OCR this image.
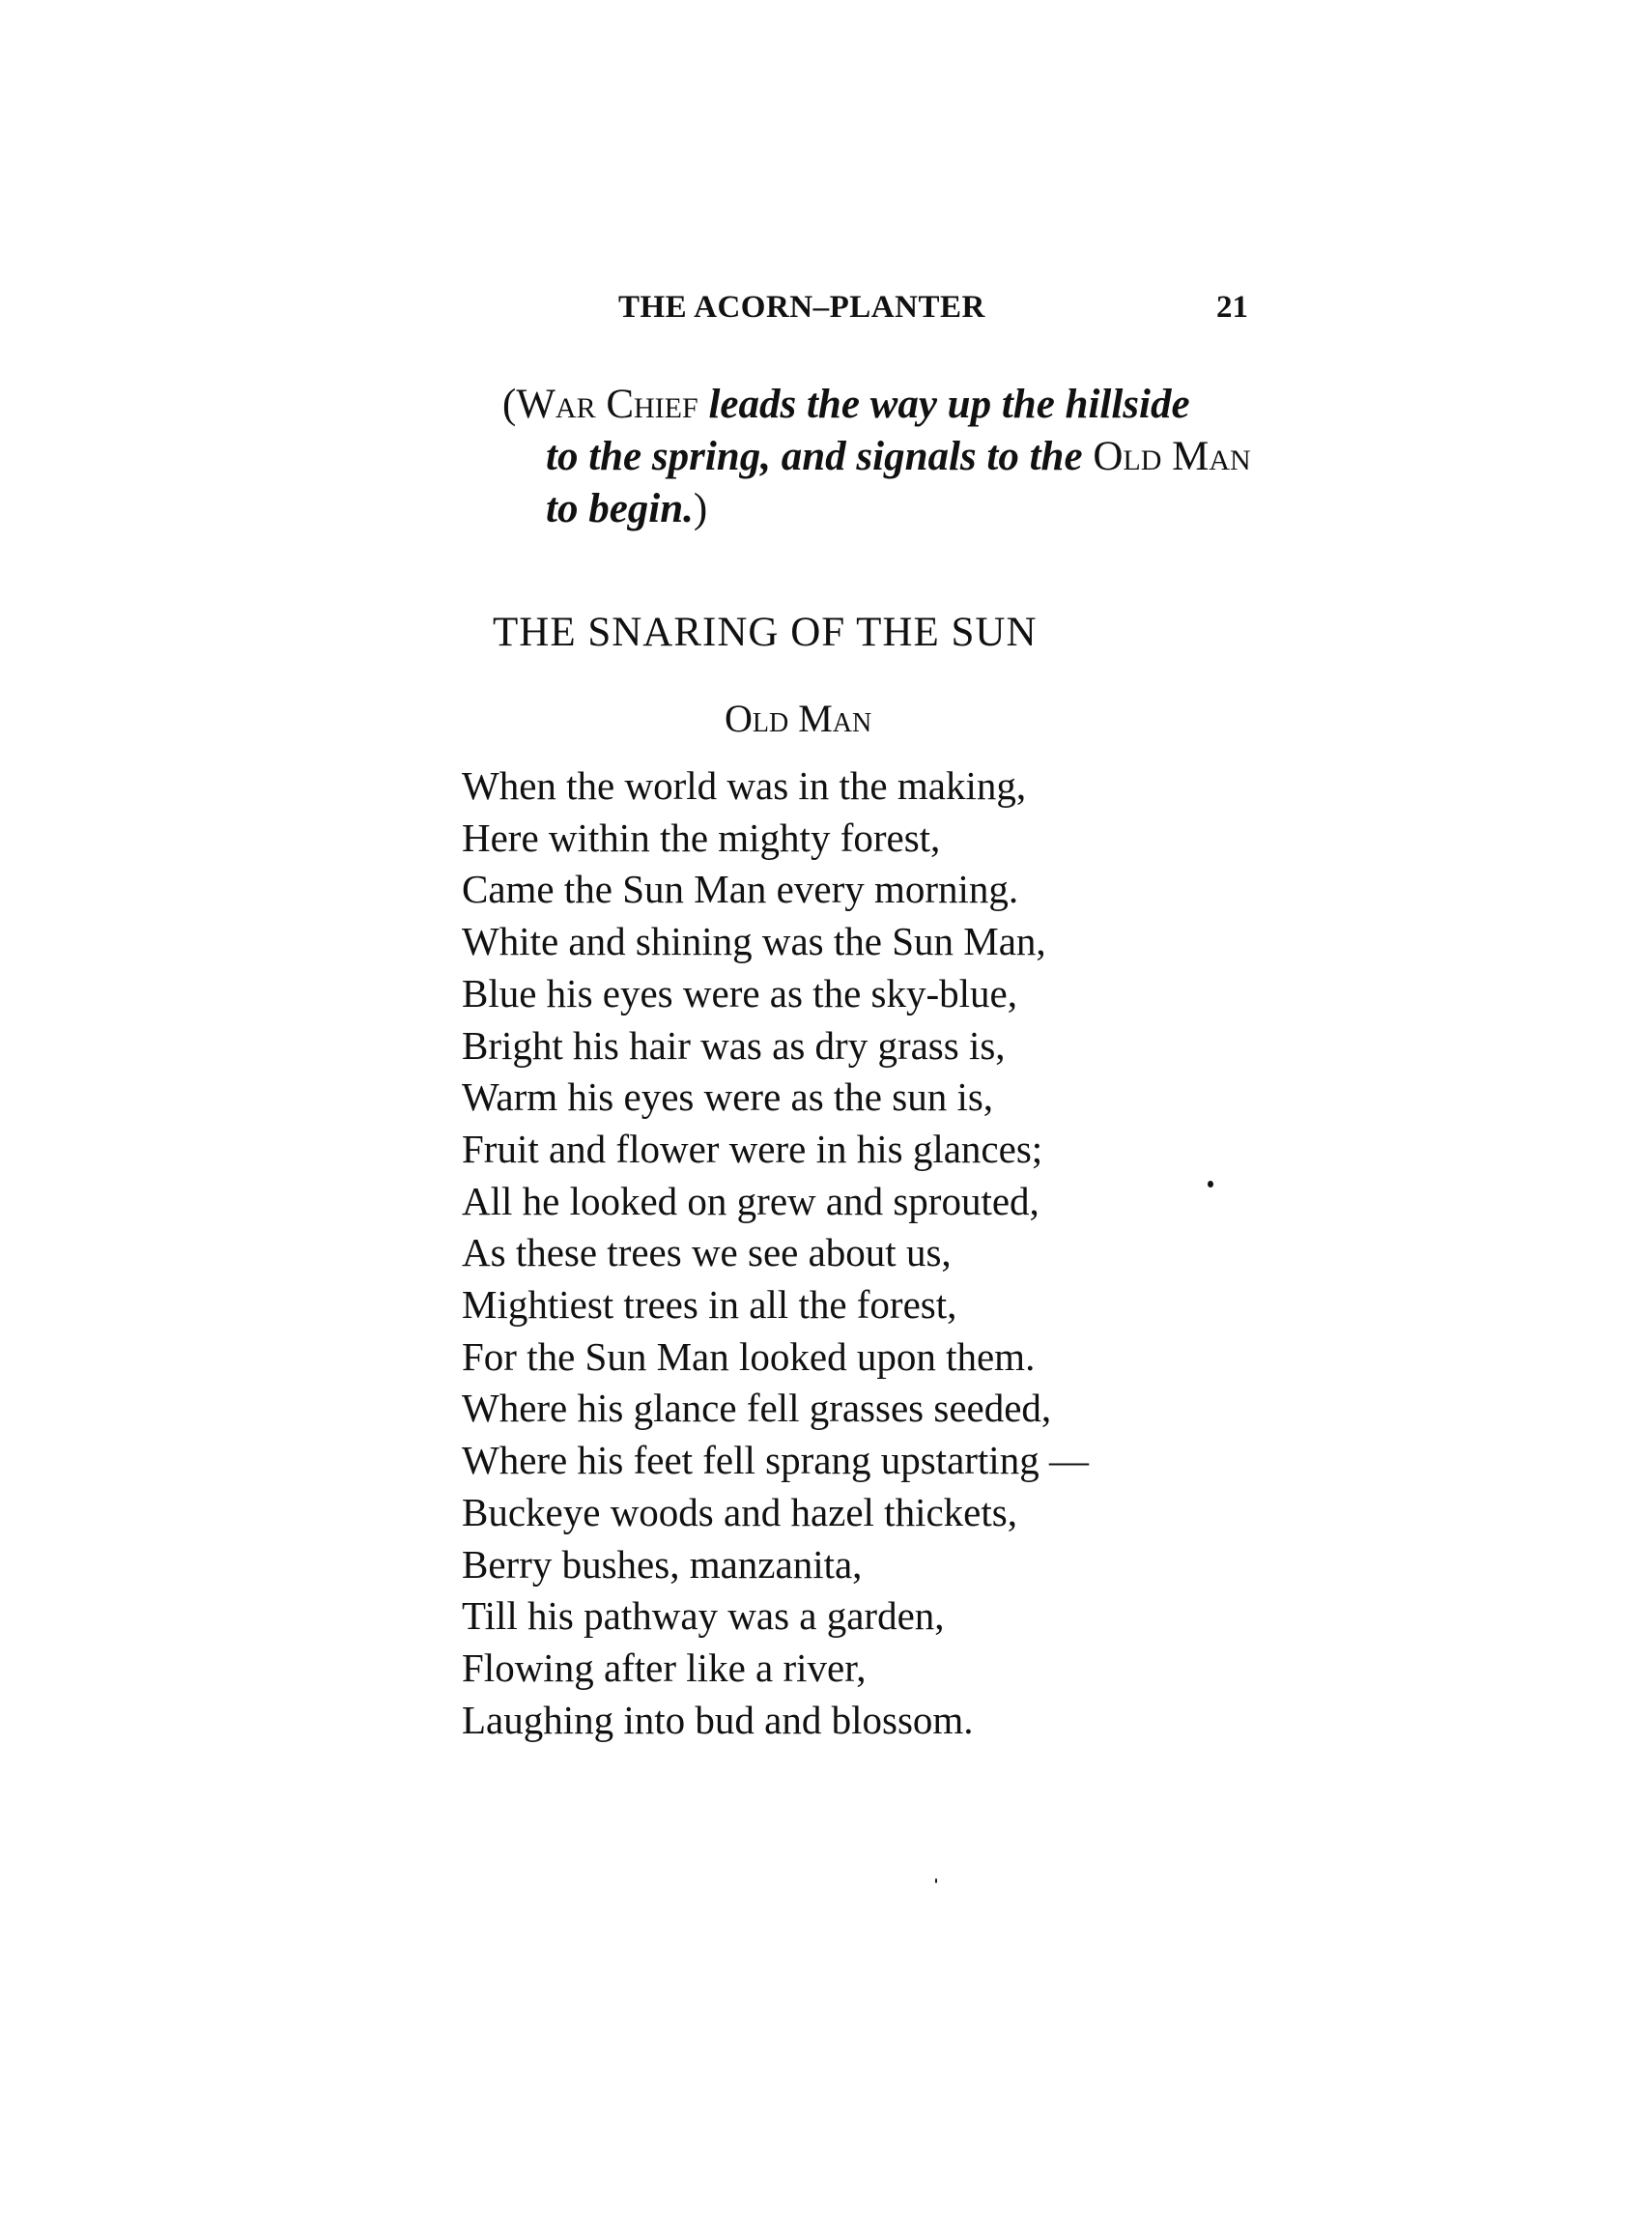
THE ACORN–PLANTER	21
(War Chief leads the way up the hillside
to the spring, and signals to the Old Man
to begin.)
THE SNARING OF THE SUN
Old Man
When the world was in the making,
Here within the mighty forest,
Came the Sun Man every morning.
White and shining was the Sun Man,
Blue his eyes were as the sky-blue,
Bright his hair was as dry grass is,
Warm his eyes were as the sun is,
Fruit and flower were in his glances;
All he looked on grew and sprouted,
As these trees we see about us,
Mightiest trees in all the forest,
For the Sun Man looked upon them.
Where his glance fell grasses seeded,
Where his feet fell sprang upstarting —
Buckeye woods and hazel thickets,
Berry bushes, manzanita,
Till his pathway was a garden,
Flowing after like a river,
Laughing into bud and blossom.
